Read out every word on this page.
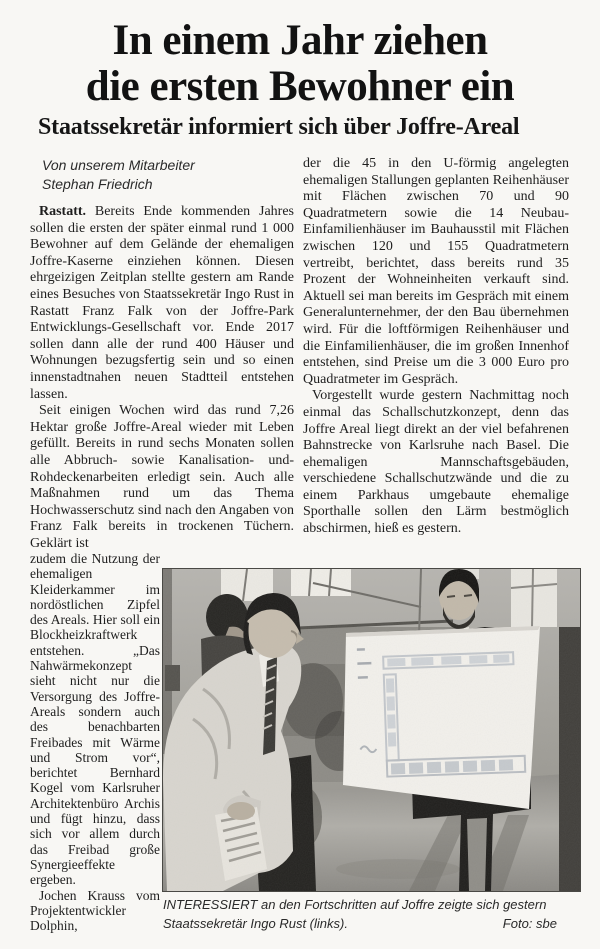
In einem Jahr ziehen
die ersten Bewohner ein
Staatssekretär informiert sich über Joffre-Areal
Von unserem Mitarbeiter
Stephan Friedrich

Rastatt. Bereits Ende kommenden Jahres sollen die ersten der später einmal rund 1 000 Bewohner auf dem Gelände der ehemaligen Joffre-Kaserne einziehen können. Diesen ehrgeizigen Zeitplan stellte gestern am Rande eines Besuches von Staatssekretär Ingo Rust in Rastatt Franz Falk von der Joffre-Park Entwicklungs-Gesellschaft vor. Ende 2017 sollen dann alle der rund 400 Häuser und Wohnungen bezugsfertig sein und so einen innenstadtnahen neuen Stadtteil entstehen lassen.

Seit einigen Wochen wird das rund 7,26 Hektar große Joffre-Areal wieder mit Leben gefüllt. Bereits in rund sechs Monaten sollen alle Abbruch- sowie Kanalisation- und- Rohdeckenarbeiten erledigt sein. Auch alle Maßnahmen rund um das Thema Hochwasserschutz sind nach den Angaben von Franz Falk bereits in trockenen Tüchern. Geklärt ist

zudem die Nutzung der ehemaligen Kleiderkammer im nordöstlichen Zipfel des Areals. Hier soll ein Blockheizkraftwerk entstehen. „Das Nahwärmekonzept sieht nicht nur die Versorgung des Joffre-Areals sondern auch des benachbarten Freibades mit Wärme und Strom vor“, berichtet Bernhard Kogel vom Karlsruher Architektenbüro Archis und fügt hinzu, dass sich vor allem durch das Freibad große Synergieeffekte ergeben.

Jochen Krauss vom Projektentwickler Dolphin,

der die 45 in den U-förmig angelegten ehemaligen Stallungen geplanten Reihenhäuser mit Flächen zwischen 70 und 90 Quadratmetern sowie die 14 Neubau-Einfamilienhäuser im Bauhausstil mit Flächen zwischen 120 und 155 Quadratmetern vertreibt, berichtet, dass bereits rund 35 Prozent der Wohneinheiten verkauft sind. Aktuell sei man bereits im Gespräch mit einem Generalunternehmer, der den Bau übernehmen wird. Für die loftförmigen Reihenhäuser und die Einfamilienhäuser, die im großen Innenhof entstehen, sind Preise um die 3 000 Euro pro Quadratmeter im Gespräch.

Vorgestellt wurde gestern Nachmittag noch einmal das Schallschutzkonzept, denn das Joffre Areal liegt direkt an der viel befahrenen Bahnstrecke von Karlsruhe nach Basel. Die ehemaligen Mannschaftsgebäuden, verschiedene Schallschutzwände und die zu einem Parkhaus umgebaute ehemalige Sporthalle sollen den Lärm bestmöglich abschirmen, hieß es gestern.

INTERESSIERT an den Fortschritten auf Joffre zeigte sich gestern
Staatssekretär Ingo Rust (links).	Foto: sbe
